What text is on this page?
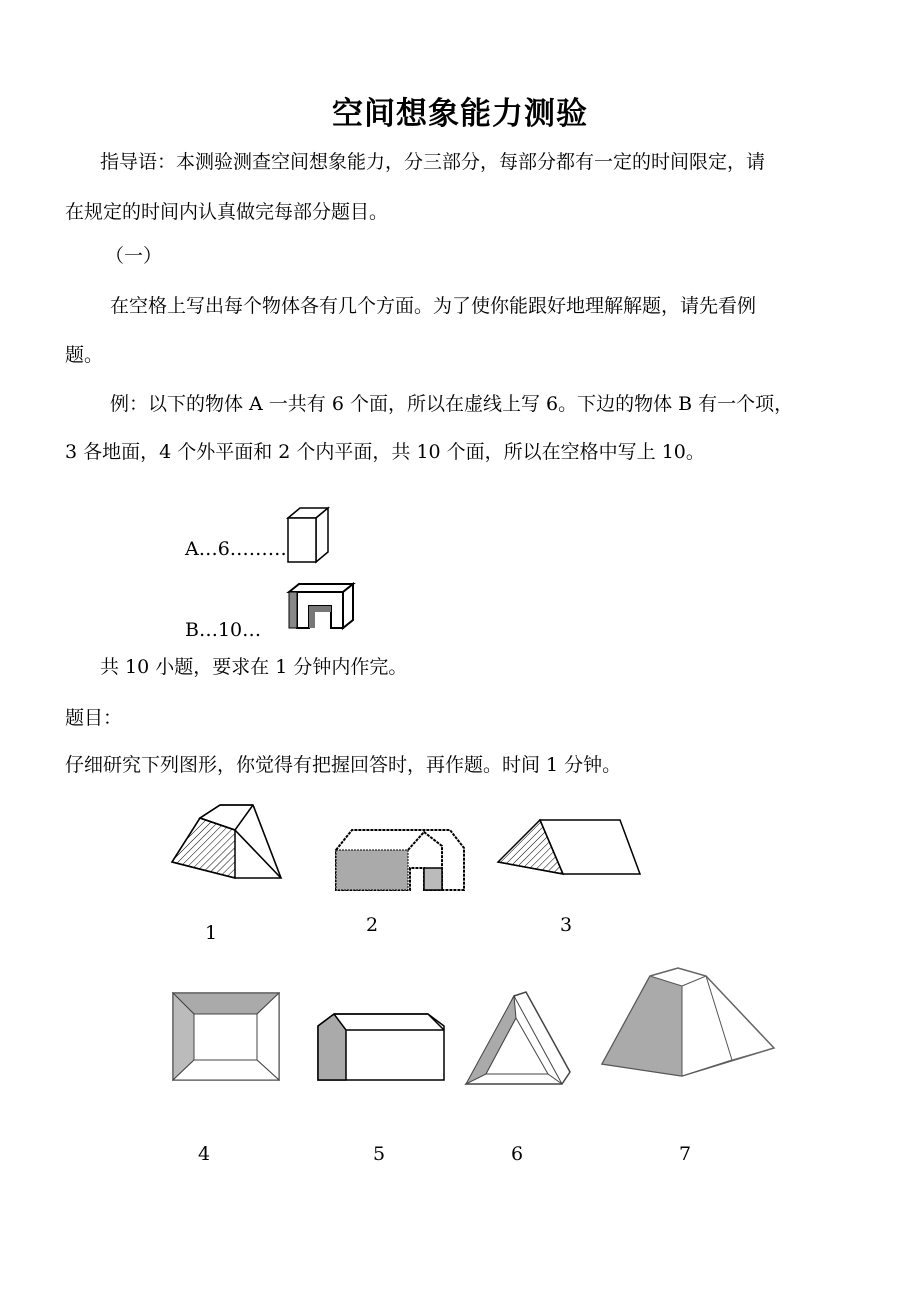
空间想象能力测验
指导语：本测验测查空间想象能力，分三部分，每部分都有一定的时间限定，请
在规定的时间内认真做完每部分题目。
（一）
在空格上写出每个物体各有几个方面。为了使你能跟好地理解解题，请先看例
题。
例：以下的物体 A 一共有 6 个面，所以在虚线上写 6。下边的物体 B 有一个项，
3 各地面，4 个外平面和 2 个内平面，共 10 个面，所以在空格中写上 10。
A…6………
B…10…
共 10 小题，要求在 1 分钟内作完。
题目：
仔细研究下列图形，你觉得有把握回答时，再作题。时间 1 分钟。
1	2	3
4	5	6	7
